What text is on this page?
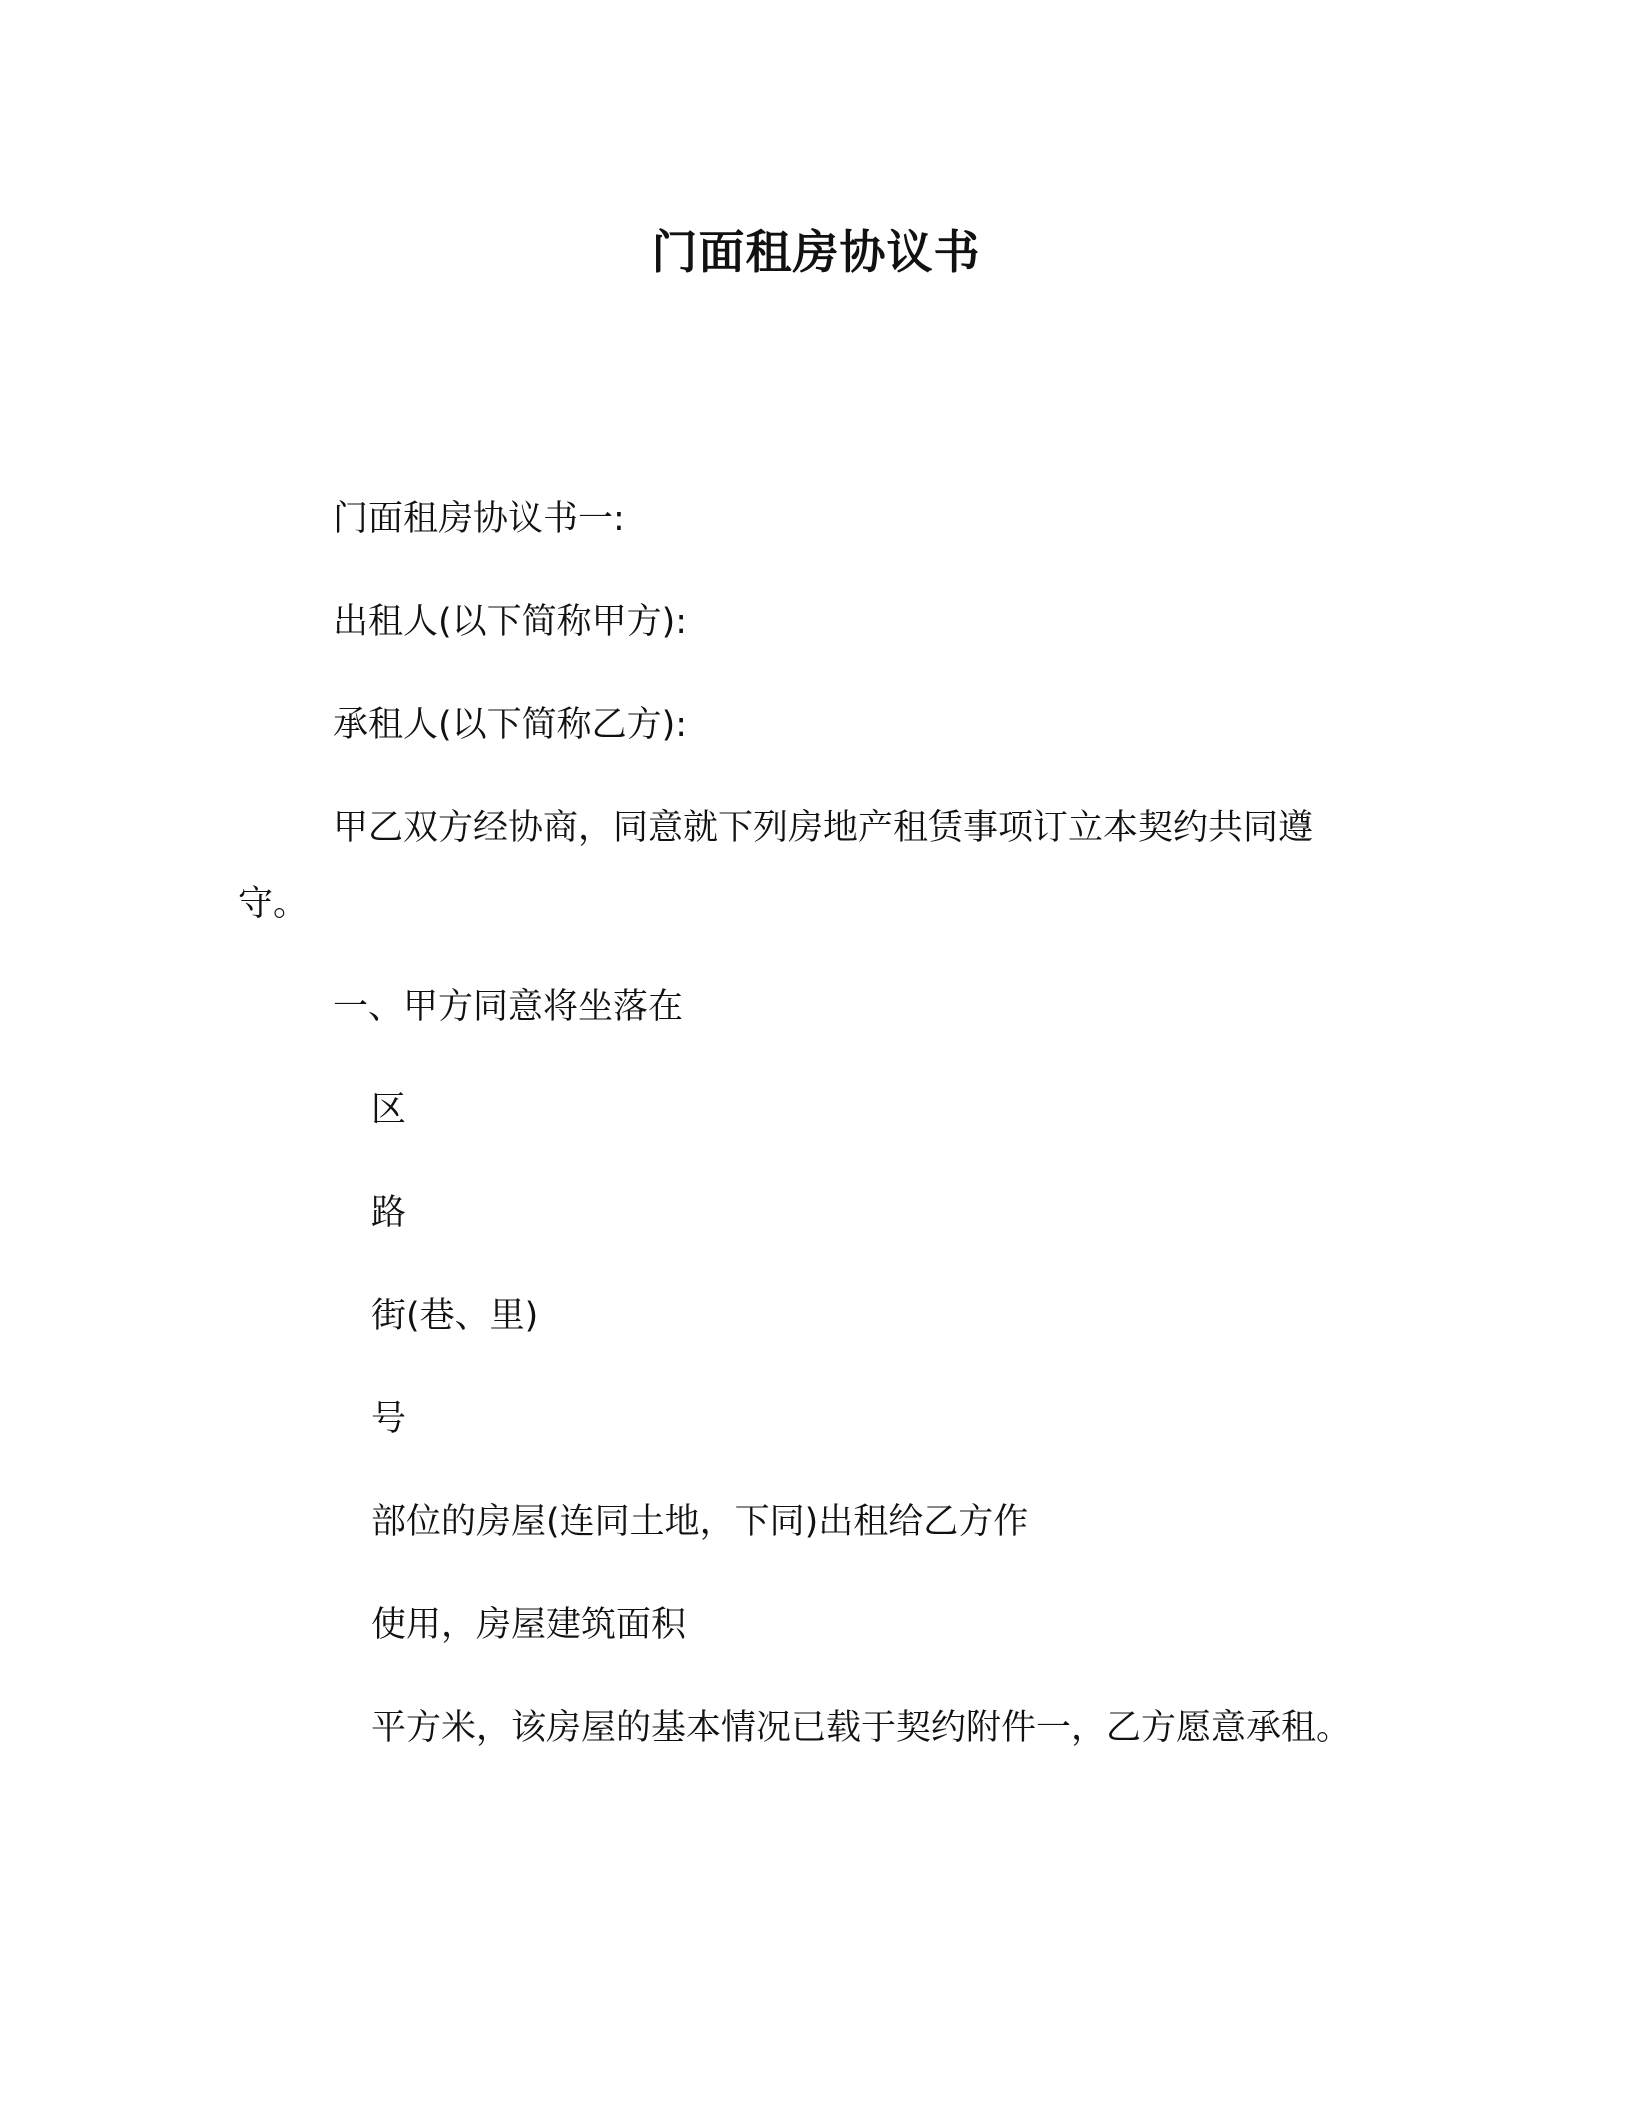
门面租房协议书
门面租房协议书一:
出租人(以下简称甲方):
承租人(以下简称乙方):
甲乙双方经协商，同意就下列房地产租赁事项订立本契约共同遵
守。
一、甲方同意将坐落在
区
路
街(巷、里)
号
部位的房屋(连同土地，下同)出租给乙方作
使用，房屋建筑面积
平方米，该房屋的基本情况已载于契约附件一，乙方愿意承租。
